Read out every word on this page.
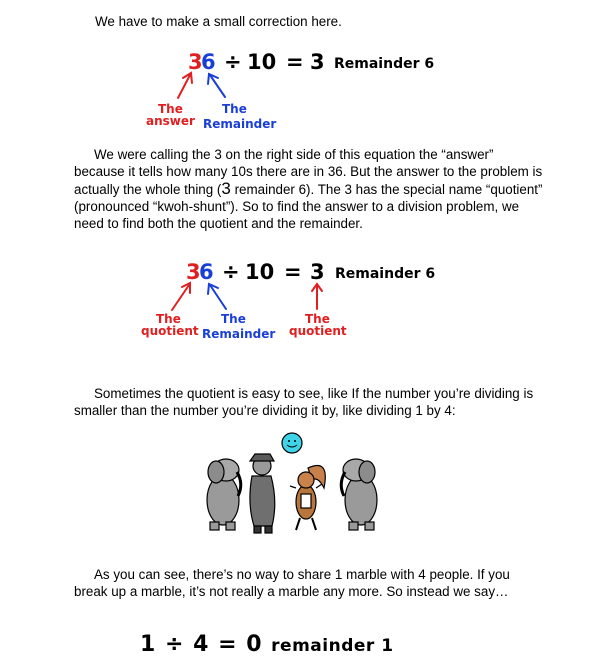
We have to make a small correction here.

3
6 ÷ 10 = 3 Remainder 6
The
answer
The
Remainder

We were calling the 3 on the right side of this equation the “answer” because it tells how many 10s there are in 36. But the answer to the problem is actually the whole thing (3 remainder 6). The 3 has the special name “quotient” (pronounced “kwoh-shunt”). So to find the answer to a division problem, we need to find both the quotient and the remainder.

3
6 ÷ 10 = 3 Remainder 6
The
quotient
The
Remainder
The
quotient

Sometimes the quotient is easy to see, like If the number you’re dividing is smaller than the number you’re dividing it by, like dividing 1 by 4:

As you can see, there’s no way to share 1 marble with 4 people. If you break up a marble, it’s not really a marble any more. So instead we say…

1 ÷ 4 = 0 remainder 1
